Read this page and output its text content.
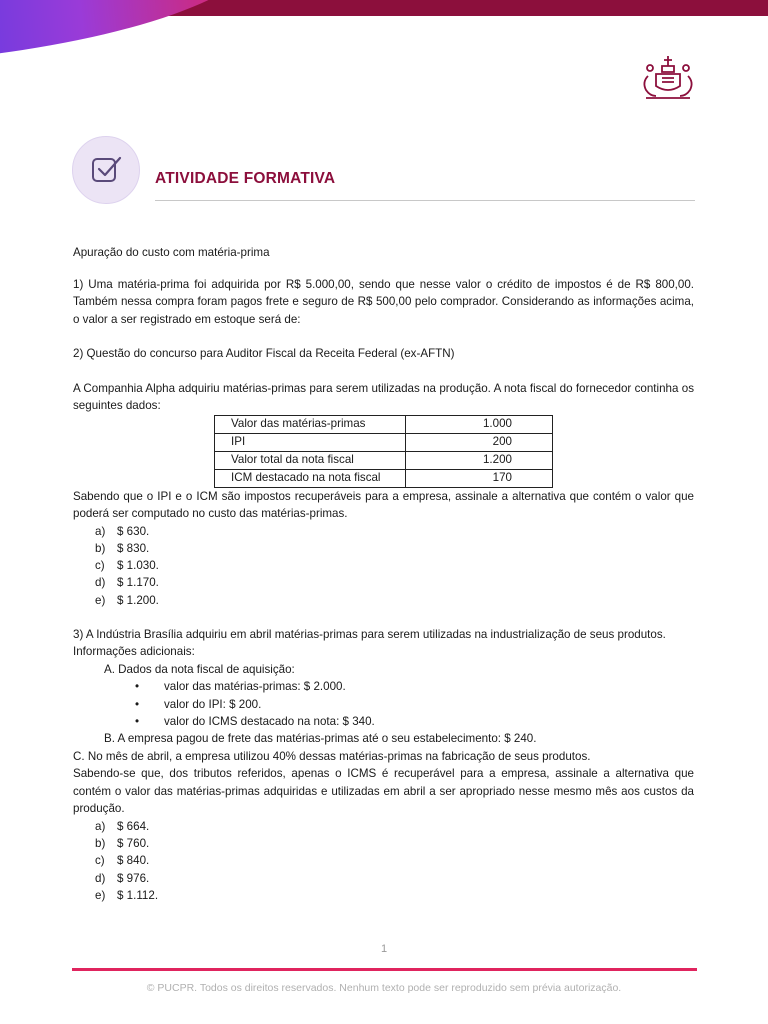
ATIVIDADE FORMATIVA

Apuração do custo com matéria-prima

1) Uma matéria-prima foi adquirida por R$ 5.000,00, sendo que nesse valor o crédito de impostos é de R$ 800,00. Também nessa compra foram pagos frete e seguro de R$ 500,00 pelo comprador. Considerando as informações acima, o valor a ser registrado em estoque será de:

2) Questão do concurso para Auditor Fiscal da Receita Federal (ex-AFTN)

A Companhia Alpha adquiriu matérias-primas para serem utilizadas na produção. A nota fiscal do fornecedor continha os seguintes dados:

Valor das matérias-primas	1.000
IPI	200
Valor total da nota fiscal	1.200
ICM destacado na nota fiscal	170

Sabendo que o IPI e o ICM são impostos recuperáveis para a empresa, assinale a alternativa que contém o valor que poderá ser computado no custo das matérias-primas.

a) $ 630.
b) $ 830.
c) $ 1.030.
d) $ 1.170.
e) $ 1.200.

3) A Indústria Brasília adquiriu em abril matérias-primas para serem utilizadas na industrialização de seus produtos.

Informações adicionais:

A. Dados da nota fiscal de aquisição:

• valor das matérias-primas: $ 2.000.
• valor do IPI: $ 200.
• valor do ICMS destacado na nota: $ 340.

B. A empresa pagou de frete das matérias-primas até o seu estabelecimento: $ 240.

C. No mês de abril, a empresa utilizou 40% dessas matérias-primas na fabricação de seus produtos.

Sabendo-se que, dos tributos referidos, apenas o ICMS é recuperável para a empresa, assinale a alternativa que contém o valor das matérias-primas adquiridas e utilizadas em abril a ser apropriado nesse mesmo mês aos custos da produção.

a) $ 664.
b) $ 760.
c) $ 840.
d) $ 976.
e) $ 1.112.
1
© PUCPR. Todos os direitos reservados. Nenhum texto pode ser reproduzido sem prévia autorização.
